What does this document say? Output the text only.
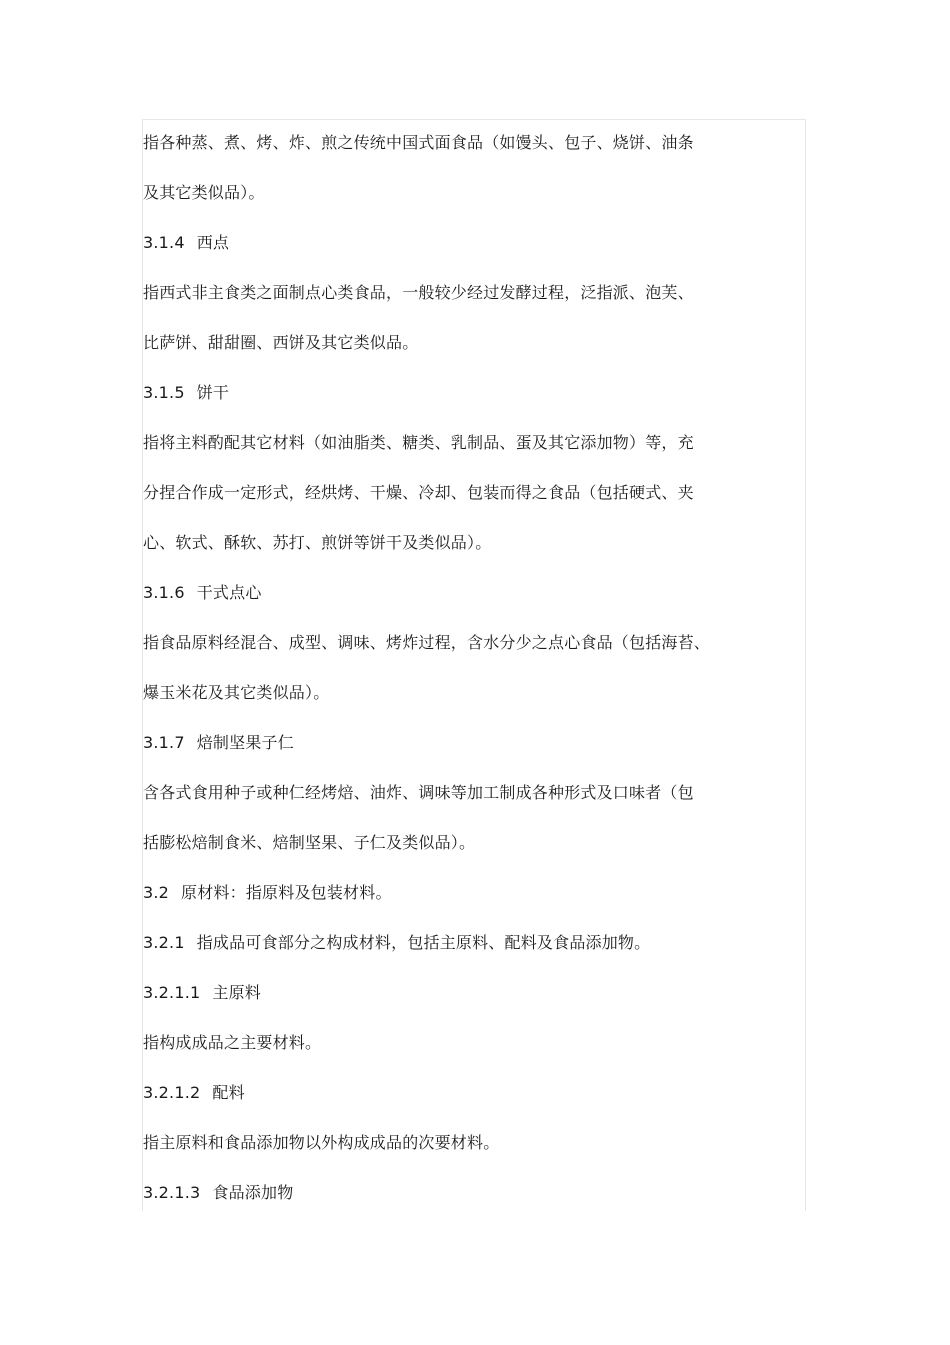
指各种蒸、煮、烤、炸、煎之传统中国式面食品（如馒头、包子、烧饼、油条
及其它类似品）。
3.1.4 西点
指西式非主食类之面制点心类食品，一般较少经过发酵过程，泛指派、泡芙、
比萨饼、甜甜圈、西饼及其它类似品。
3.1.5 饼干
指将主料酌配其它材料（如油脂类、糖类、乳制品、蛋及其它添加物）等，充
分捏合作成一定形式，经烘烤、干燥、冷却、包装而得之食品（包括硬式、夹
心、软式、酥软、苏打、煎饼等饼干及类似品）。
3.1.6 干式点心
指食品原料经混合、成型、调味、烤炸过程，含水分少之点心食品（包括海苔、
爆玉米花及其它类似品）。
3.1.7 焙制坚果子仁
含各式食用种子或种仁经烤焙、油炸、调味等加工制成各种形式及口味者（包
括膨松焙制食米、焙制坚果、子仁及类似品）。
3.2 原材料：指原料及包装材料。
3.2.1 指成品可食部分之构成材料，包括主原料、配料及食品添加物。
3.2.1.1 主原料
指构成成品之主要材料。
3.2.1.2 配料
指主原料和食品添加物以外构成成品的次要材料。
3.2.1.3 食品添加物
